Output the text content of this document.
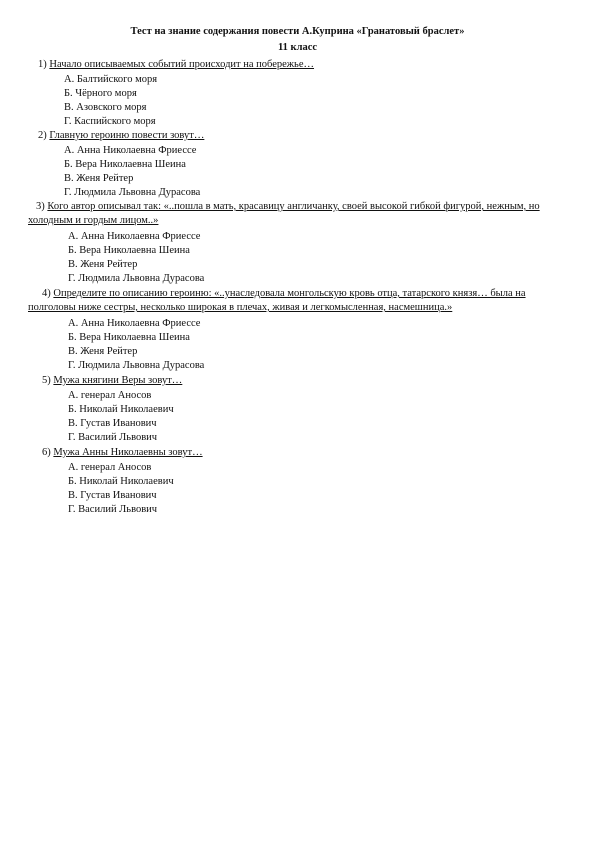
Тест на знание содержания повести А.Куприна «Гранатовый браслет»
11 класс
1) Начало описываемых событий происходит на побережье…
А. Балтийского моря
Б. Чёрного моря
В. Азовского моря
Г. Каспийского моря
2) Главную героиню повести зовут…
А. Анна Николаевна Фриессе
Б. Вера Николаевна Шеина
В. Женя Рейтер
Г. Людмила Львовна Дурасова
3) Кого автор описывал так: «..пошла в мать, красавицу англичанку, своей высокой гибкой фигурой, нежным, но холодным и гордым лицом..»
А. Анна Николаевна Фриессе
Б. Вера Николаевна Шеина
В. Женя Рейтер
Г. Людмила Львовна Дурасова
4) Определите по описанию героиню: «..унаследовала монгольскую кровь отца, татарского князя… была на полголовы ниже сестры, несколько широкая в плечах, живая и легкомысленная, насмешница.»
А. Анна Николаевна Фриессе
Б. Вера Николаевна Шеина
В. Женя Рейтер
Г. Людмила Львовна Дурасова
5) Мужа княгини Веры зовут…
А. генерал Аносов
Б. Николай Николаевич
В. Густав Иванович
Г. Василий Львович
6) Мужа Анны Николаевны зовут…
А. генерал Аносов
Б. Николай Николаевич
В. Густав Иванович
Г. Василий Львович
